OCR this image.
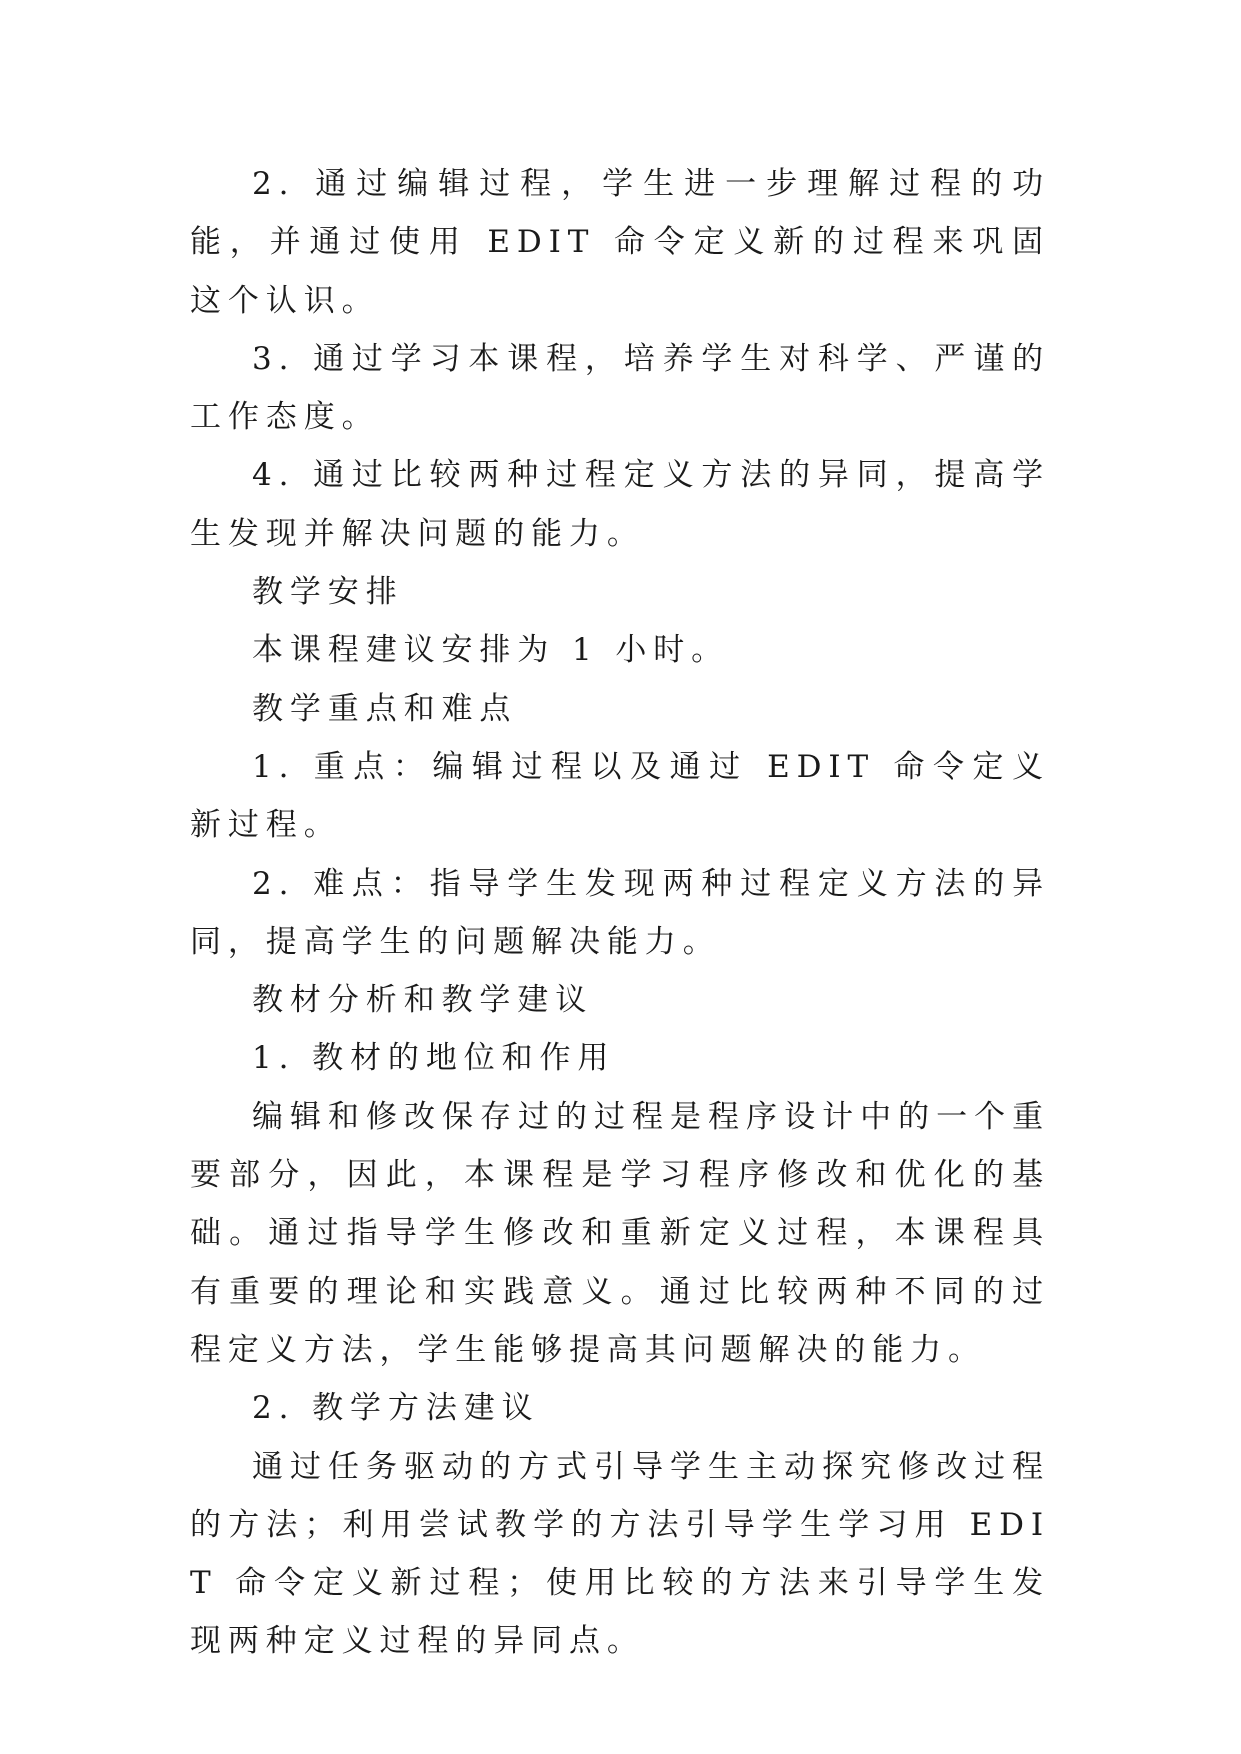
2. 通过编辑过程，学生进一步理解过程的功能，并通过使用 EDIT 命令定义新的过程来巩固这个认识。

3. 通过学习本课程，培养学生对科学、严谨的工作态度。

4. 通过比较两种过程定义方法的异同，提高学生发现并解决问题的能力。

教学安排

本课程建议安排为 1 小时。

教学重点和难点

1. 重点：编辑过程以及通过 EDIT 命令定义新过程。

2. 难点：指导学生发现两种过程定义方法的异同，提高学生的问题解决能力。

教材分析和教学建议

1. 教材的地位和作用

编辑和修改保存过的过程是程序设计中的一个重要部分，因此，本课程是学习程序修改和优化的基础。通过指导学生修改和重新定义过程，本课程具有重要的理论和实践意义。通过比较两种不同的过程定义方法，学生能够提高其问题解决的能力。

2. 教学方法建议

通过任务驱动的方式引导学生主动探究修改过程的方法；利用尝试教学的方法引导学生学习用 EDIT 命令定义新过程；使用比较的方法来引导学生发现两种定义过程的异同点。
